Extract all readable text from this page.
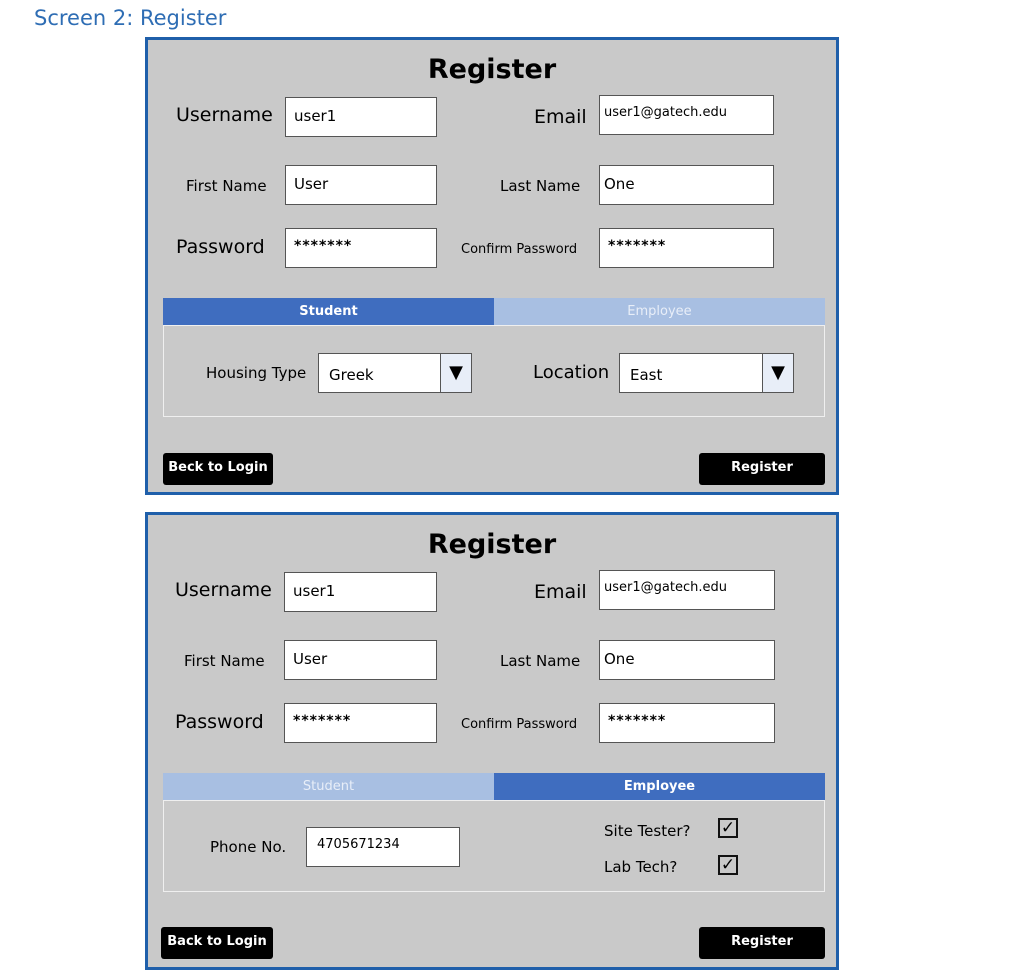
Screen 2: Register
Register
Username	user1	Email	user1@gatech.edu
First Name	User	Last Name	One
Password	*******	Confirm Password	*******
Student	Employee
Housing Type Greek	▼	Location East	▼
Beck to Login	Register
Register
Username	user1	Email	user1@gatech.edu
First Name	User	Last Name	One
Password	*******	Confirm Password	*******
Student	Employee
Phone No.	4705671234
Site Tester? ✓
Lab Tech?	✓
Back to Login	Register
